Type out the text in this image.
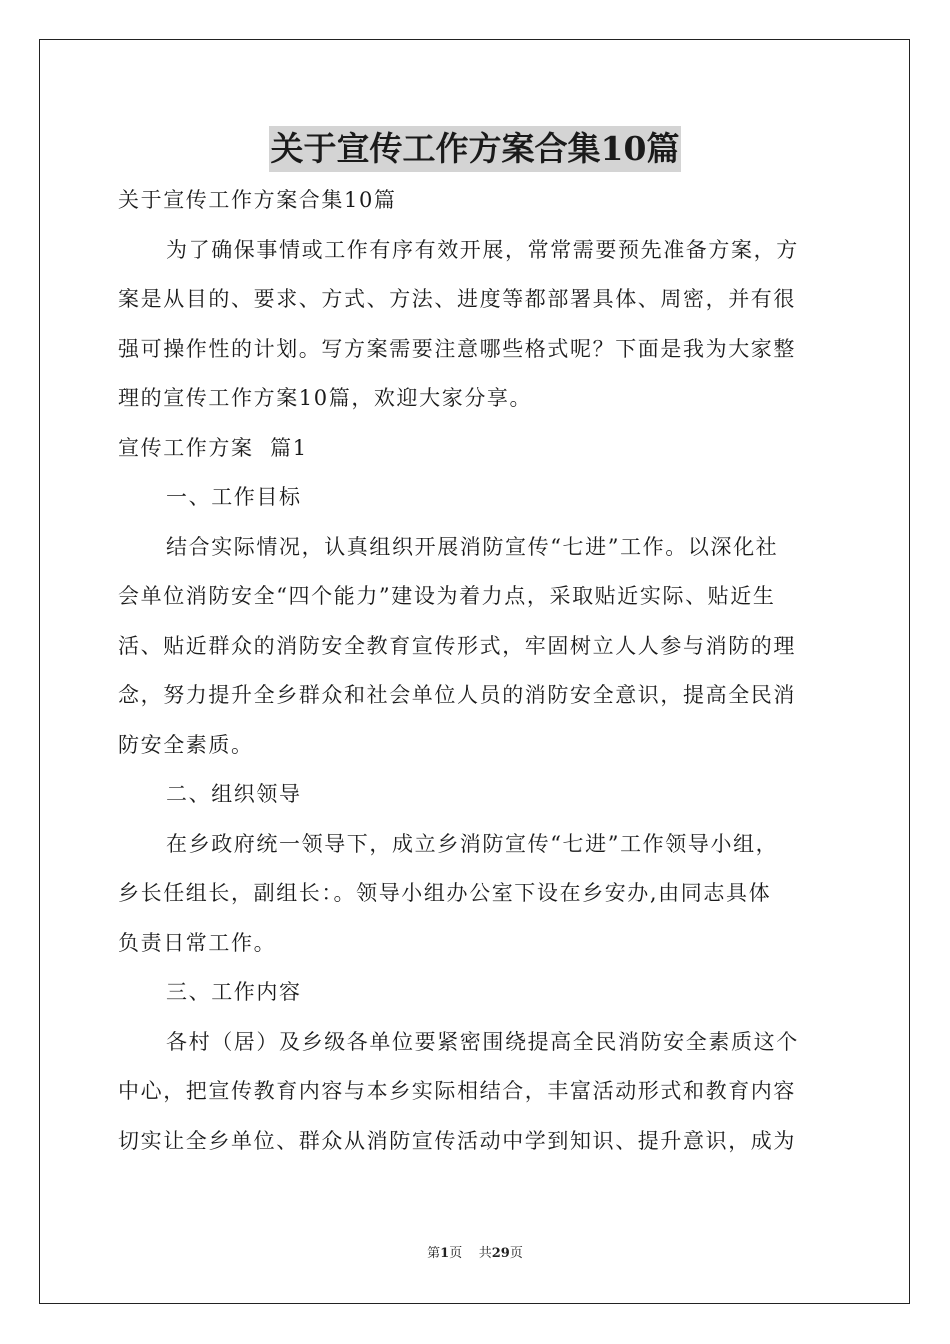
关于宣传工作方案合集10篇
关于宣传工作方案合集10篇
为了确保事情或工作有序有效开展，常常需要预先准备方案，方
案是从目的、要求、方式、方法、进度等都部署具体、周密，并有很
强可操作性的计划。写方案需要注意哪些格式呢？下面是我为大家整
理的宣传工作方案10篇，欢迎大家分享。
宣传工作方案  篇1
一、工作目标
结合实际情况，认真组织开展消防宣传“七进”工作。以深化社
会单位消防安全“四个能力”建设为着力点，采取贴近实际、贴近生
活、贴近群众的消防安全教育宣传形式，牢固树立人人参与消防的理
念，努力提升全乡群众和社会单位人员的消防安全意识，提高全民消
防安全素质。
二、组织领导
在乡政府统一领导下，成立乡消防宣传“七进”工作领导小组，
乡长任组长，副组长：。领导小组办公室下设在乡安办,由同志具体
负责日常工作。
三、工作内容
各村（居）及乡级各单位要紧密围绕提高全民消防安全素质这个
中心，把宣传教育内容与本乡实际相结合，丰富活动形式和教育内容
切实让全乡单位、群众从消防宣传活动中学到知识、提升意识，成为
第1页 共29页
